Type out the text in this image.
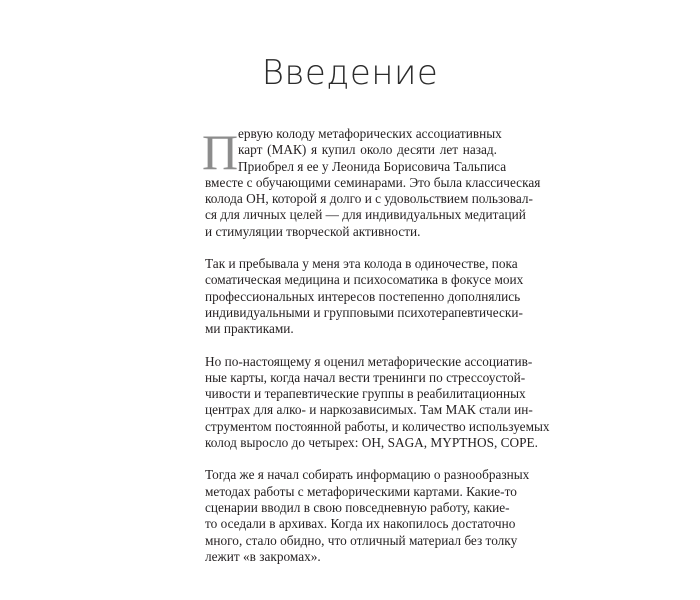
Введение

П ервую колоду метафорических ассоциативных
карт (МАК) я купил около десяти лет назад.
Приобрел я ее у Леонида Борисовича Тальписа
вместе с обучающими семинарами. Это была классическая
колода ОН, которой я долго и с удовольствием пользовал-
ся для личных целей — для индивидуальных медитаций
и стимуляции творческой активности.

Так и пребывала у меня эта колода в одиночестве, пока
соматическая медицина и психосоматика в фокусе моих
профессиональных интересов постепенно дополнялись
индивидуальными и групповыми психотерапевтически-
ми практиками.

Но по-настоящему я оценил метафорические ассоциатив-
ные карты, когда начал вести тренинги по стрессоустой-
чивости и терапевтические группы в реабилитационных
центрах для алко- и наркозависимых. Там МАК стали ин-
струментом постоянной работы, и количество используемых
колод выросло до четырех: OH, SAGA, MYPTHOS, COPE.

Тогда же я начал собирать информацию о разнообразных
методах работы с метафорическими картами. Какие-то
сценарии вводил в свою повседневную работу, какие-
то оседали в архивах. Когда их накопилось достаточно
много, стало обидно, что отличный материал без толку
лежит «в закромах».
